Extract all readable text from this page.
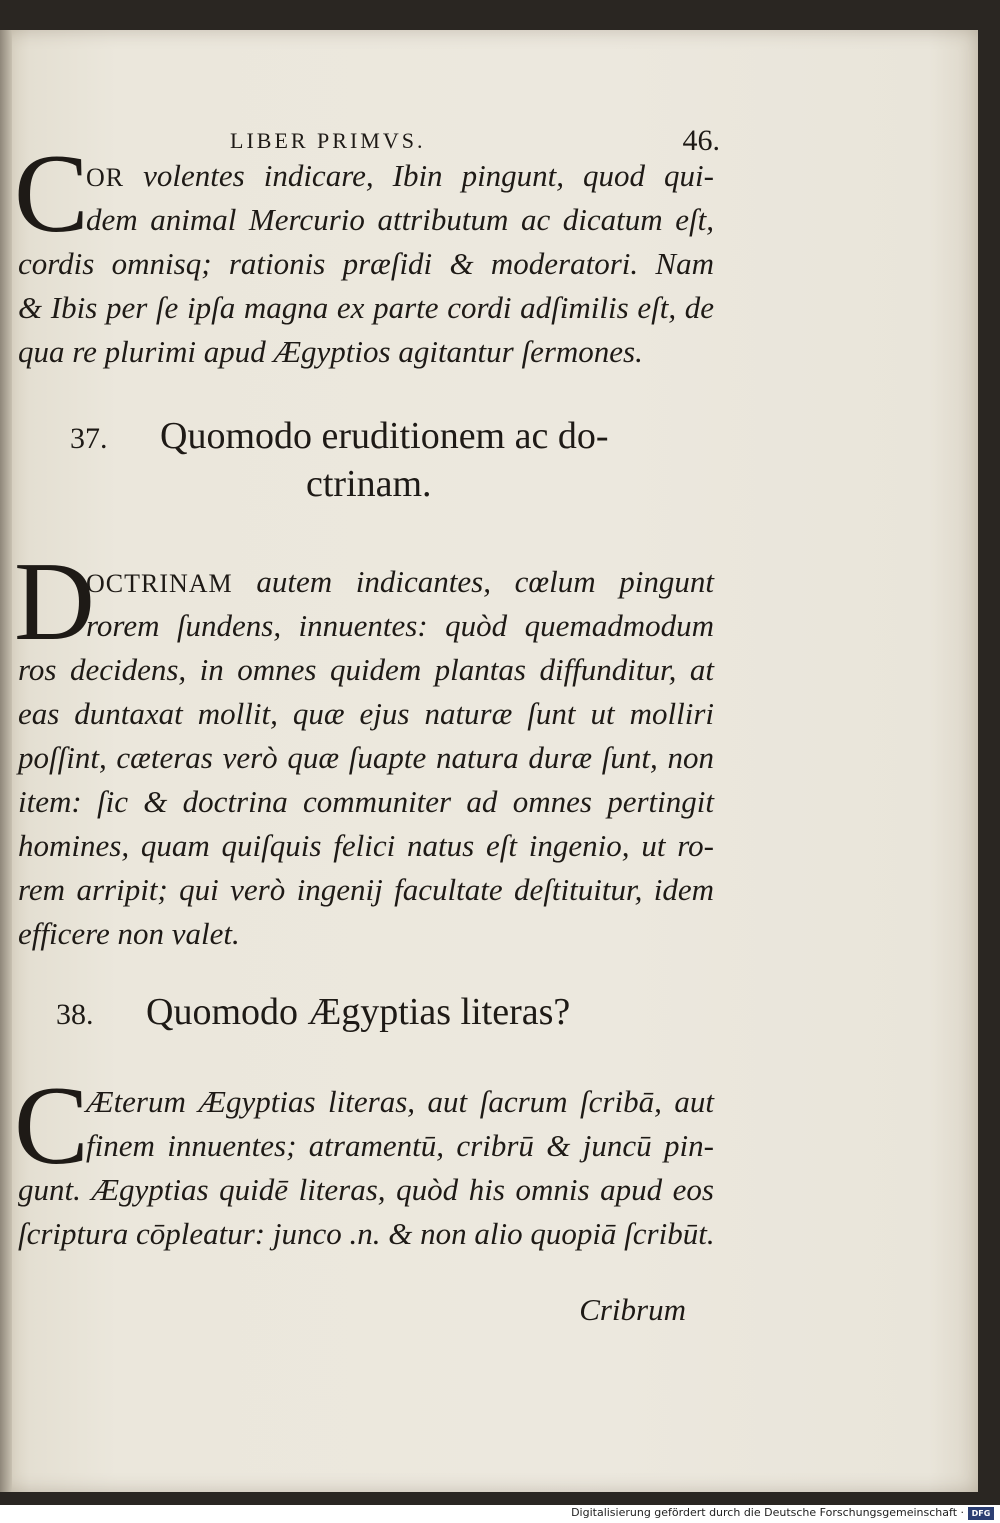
LIBER PRIMVS.	46.
C
OR volentes indicare, Ibin pingunt, quod qui-
dem animal Mercurio attributum ac dicatum eſt,
cordis omnisq; rationis præſidi & moderatori. Nam
& Ibis per ſe ipſa magna ex parte cordi adſimilis eſt, de
qua re plurimi apud Ægyptios agitantur ſermones.
37. Quomodo eruditionem ac do-
ctrinam.
D
OCTRINAM autem indicantes, cœlum pingunt
rorem ſundens, innuentes: quòd quemadmodum
ros decidens, in omnes quidem plantas diffunditur, at
eas duntaxat mollit, quæ ejus naturæ ſunt ut molliri
poſſint, cæteras verò quæ ſuapte natura duræ ſunt, non
item: ſic & doctrina communiter ad omnes pertingit
homines, quam quiſquis felici natus eſt ingenio, ut ro-
rem arripit; qui verò ingenij facultate deſtituitur, idem
efficere non valet.
38. Quomodo Ægyptias literas?
C
Æterum Ægyptias literas, aut ſacrum ſcribā, aut
finem innuentes; atramentū, cribrū & juncū pin-
gunt. Ægyptias quidē literas, quòd his omnis apud eos
ſcriptura cōpleatur: junco .n. & non alio quopiā ſcribūt.
Cribrum
Digitalisierung gefördert durch die Deutsche Forschungsgemeinschaft · DFG
